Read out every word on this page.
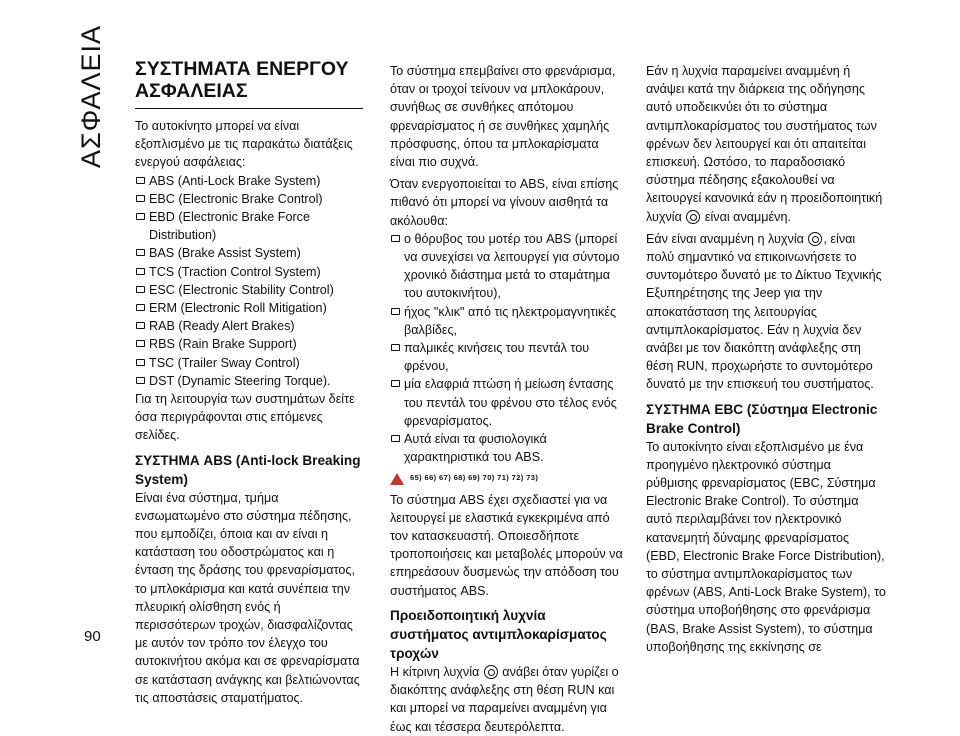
ΑΣΦΑΛΕΙΑ
90
ΣΥΣΤΗΜΑΤΑ ΕΝΕΡΓΟΥ
ΑΣΦΑΛΕΙΑΣ

Το αυτοκίνητο μπορεί να είναι εξοπλισμένο με τις παρακάτω διατάξεις ενεργού ασφάλειας:

ABS (Anti-Lock Brake System)
EBC (Electronic Brake Control)
EBD (Electronic Brake Force Distribution)
BAS (Brake Assist System)
TCS (Traction Control System)
ESC (Electronic Stability Control)
ERM (Electronic Roll Mitigation)
RAB (Ready Alert Brakes)
RBS (Rain Brake Support)
TSC (Trailer Sway Control)
DST (Dynamic Steering Torque).

Για τη λειτουργία των συστημάτων δείτε όσα περιγράφονται στις επόμενες σελίδες.

ΣΥΣΤΗΜΑ ABS (Anti-lock Breaking System)

Είναι ένα σύστημα, τμήμα ενσωματωμένο στο σύστημα πέδησης, που εμποδίζει, όποια και αν είναι η κατάσταση του οδοστρώματος και η ένταση της δράσης του φρεναρίσματος, το μπλοκάρισμα και κατά συνέπεια την πλευρική ολίσθηση ενός ή περισσότερων τροχών, διασφαλίζοντας με αυτόν τον τρόπο τον έλεγχο του αυτοκινήτου ακόμα και σε φρεναρίσματα σε κατάσταση ανάγκης και βελτιώνοντας τις αποστάσεις σταματήματος.

Το σύστημα επεμβαίνει στο φρενάρισμα, όταν οι τροχοί τείνουν να μπλοκάρουν, συνήθως σε συνθήκες απότομου φρεναρίσματος ή σε συνθήκες χαμηλής πρόσφυσης, όπου τα μπλοκαρίσματα είναι πιο συχνά.

Όταν ενεργοποιείται το ABS, είναι επίσης πιθανό ότι μπορεί να γίνουν αισθητά τα ακόλουθα:

ο θόρυβος του μοτέρ του ABS (μπορεί να συνεχίσει να λειτουργεί για σύντομο χρονικό διάστημα μετά το σταμάτημα του αυτοκινήτου),
ήχος "κλικ" από τις ηλεκτρομαγνητικές βαλβίδες,
παλμικές κινήσεις του πεντάλ του φρένου,
μία ελαφριά πτώση ή μείωση έντασης του πεντάλ του φρένου στο τέλος ενός φρεναρίσματος.
Αυτά είναι τα φυσιολογικά χαρακτηριστικά του ABS.
65) 66) 67) 68) 69) 70) 71) 72) 73)

Το σύστημα ABS έχει σχεδιαστεί για να λειτουργεί με ελαστικά εγκεκριμένα από τον κατασκευαστή. Οποιεσδήποτε τροποποιήσεις και μεταβολές μπορούν να επηρεάσουν δυσμενώς την απόδοση του συστήματος ABS.

Προειδοποιητική λυχνία συστήματος αντιμπλοκαρίσματος τροχών

Η κίτρινη λυχνία ανάβει όταν γυρίζει ο διακόπτης ανάφλεξης στη θέση RUN και και μπορεί να παραμείνει αναμμένη για έως και τέσσερα δευτερόλεπτα.

Εάν η λυχνία παραμείνει αναμμένη ή ανάψει κατά την διάρκεια της οδήγησης αυτό υποδεικνύει ότι το σύστημα αντιμπλοκαρίσματος του συστήματος των φρένων δεν λειτουργεί και ότι απαιτείται επισκευή. Ωστόσο, το παραδοσιακό σύστημα πέδησης εξακολουθεί να λειτουργεί κανονικά εάν η προειδοποιητική λυχνία είναι αναμμένη.

Εάν είναι αναμμένη η λυχνία , είναι πολύ σημαντικό να επικοινωνήσετε το συντομότερο δυνατό με το Δίκτυο Τεχνικής Εξυπηρέτησης της Jeep για την αποκατάσταση της λειτουργίας αντιμπλοκαρίσματος. Εάν η λυχνία δεν ανάβει με τον διακόπτη ανάφλεξης στη θέση RUN, προχωρήστε το συντομότερο δυνατό με την επισκευή του συστήματος.

ΣΥΣΤΗΜΑ EBC (Σύστημα Electronic Brake Control)

Το αυτοκίνητο είναι εξοπλισμένο με ένα προηγμένο ηλεκτρονικό σύστημα ρύθμισης φρεναρίσματος (EBC, Σύστημα Electronic Brake Control). Το σύστημα αυτό περιλαμβάνει τον ηλεκτρονικό κατανεμητή δύναμης φρεναρίσματος (EBD, Electronic Brake Force Distribution), το σύστημα αντιμπλοκαρίσματος των φρένων (ABS, Anti-Lock Brake System), το σύστημα υποβοήθησης στο φρενάρισμα (BAS, Brake Assist System), το σύστημα υποβοήθησης της εκκίνησης σε
